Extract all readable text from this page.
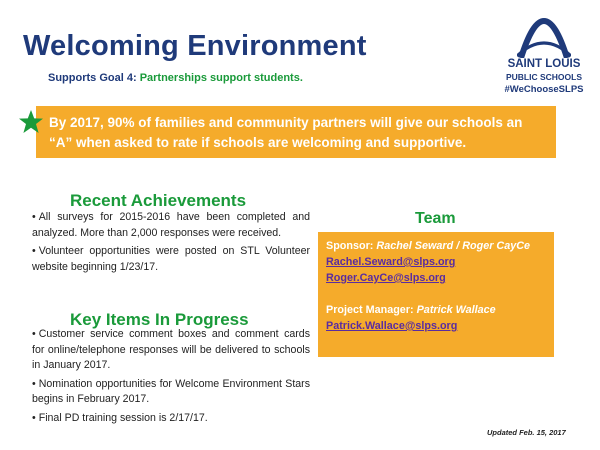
Welcoming Environment
Supports Goal 4: Partnerships support students.
SAINT LOUIS
PUBLIC SCHOOLS
#WeChooseSLPS
By 2017, 90% of families and community partners will give our schools an “A” when asked to rate if schools are welcoming and supportive.
Recent Achievements
• All surveys for 2015-2016 have been completed and analyzed. More than 2,000 responses were received.
• Volunteer opportunities were posted on STL Volunteer website beginning 1/23/17.
Key Items In Progress
• Customer service comment boxes and comment cards for online/telephone responses will be delivered to schools in January 2017.
• Nomination opportunities for Welcome Environment Stars begins in February 2017.
• Final PD training session is 2/17/17.
Team
Sponsor: Rachel Seward / Roger CayCe
Rachel.Seward@slps.org
Roger.CayCe@slps.org
Project Manager: Patrick Wallace
Patrick.Wallace@slps.org
Updated Feb. 15, 2017
